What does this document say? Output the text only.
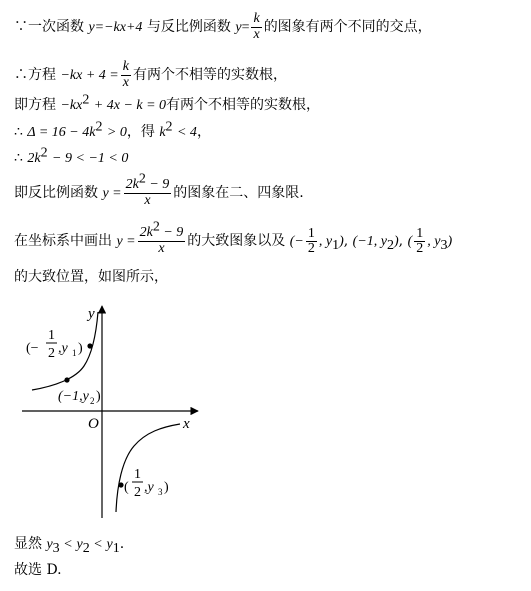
∵一次函数 y=−kx+4 与反比例函数 $y= \frac{k}{x}$ 的图象有两个不同的交点，
∴方程 $-kx + 4 = \frac{k}{x}$ 有两个不相等的实数根，
即方程 $-kx^2 + 4x - k = 0$有两个不相等的实数根，
∴ $\Delta = 16 - 4k^2 > 0$，得 $k^2 < 4$，
∴ $2k^2 - 9 < -1 < 0$
即反比例函数 $y = \frac{2k^2 - 9}{x}$ 的图象在二、四象限.
在坐标系中画出 $y = \frac{2k^2 - 9}{x}$ 的大致图象以及 (− $\frac{1}{2}$ , $y_1$), (−1, $y_2$), ( $\frac{1}{2}$ , $y_3$)
的大致位置，如图所示，
y
x
O
(−
1
2 ,y 1 )
(−1,y 2 )
(
1
2 ,y 3 )
显然 $y_3 < y_2 < y_1$.
故选 D.
